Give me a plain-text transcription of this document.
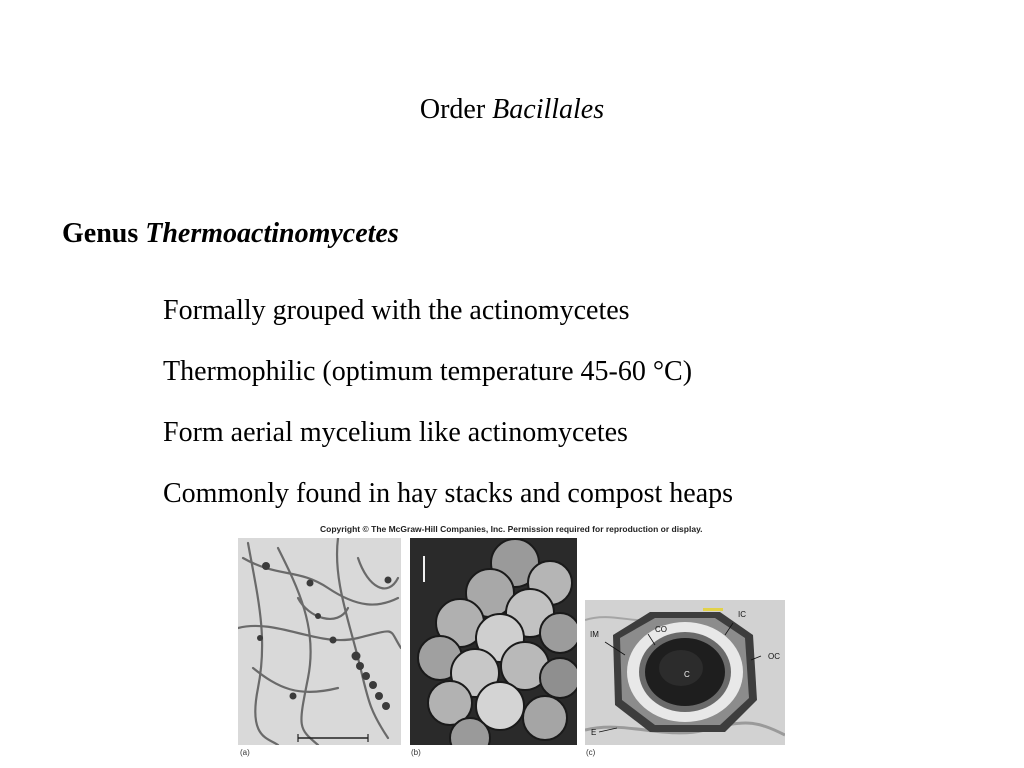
Order Bacillales
Genus Thermoactinomycetes
Formally grouped with the actinomycetes
Thermophilic (optimum temperature 45-60 °C)
Form aerial mycelium like actinomycetes
Commonly found in hay stacks and compost heaps
Copyright © The McGraw-Hill Companies, Inc. Permission required for reproduction or display.
IM
CO
IC
OC
C
E
(a)	(b)	(c)
